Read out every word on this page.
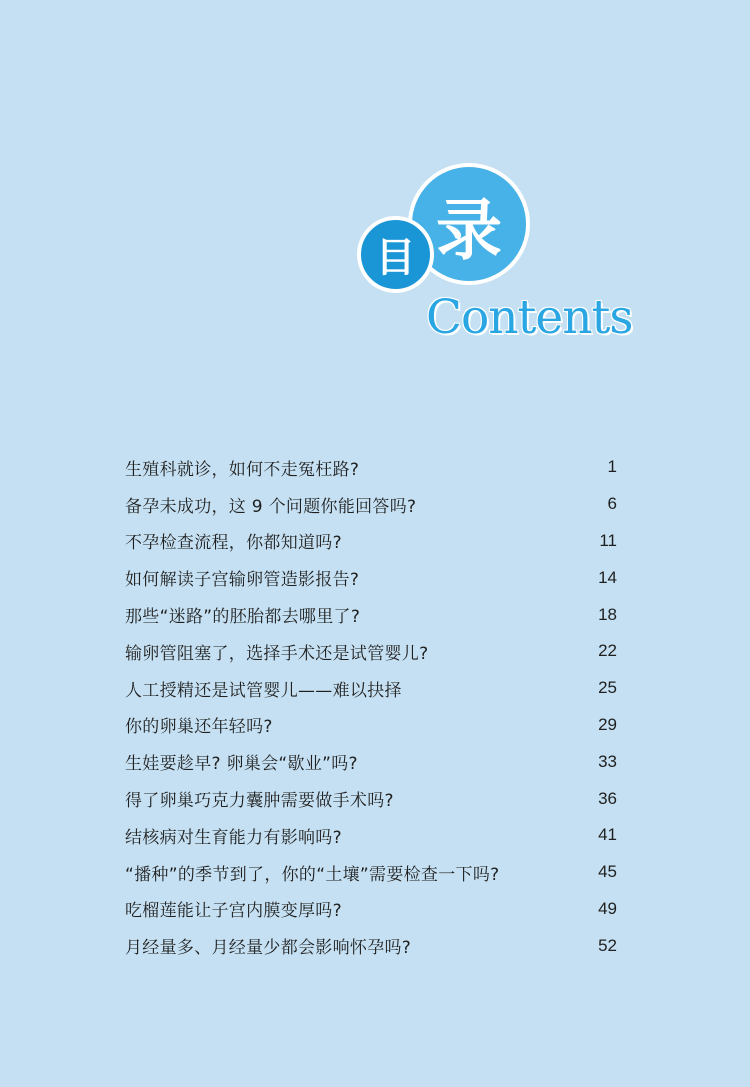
录
目
Contents
生殖科就诊，如何不走冤枉路?	1
备孕未成功，这 9 个问题你能回答吗?	6
不孕检查流程，你都知道吗?	11
如何解读子宫输卵管造影报告?	14
那些“迷路”的胚胎都去哪里了?	18
输卵管阻塞了，选择手术还是试管婴儿?	22
人工授精还是试管婴儿——难以抉择	25
你的卵巢还年轻吗?	29
生娃要趁早? 卵巢会“歇业”吗?	33
得了卵巢巧克力囊肿需要做手术吗?	36
结核病对生育能力有影响吗?	41
“播种”的季节到了，你的“土壤”需要检查一下吗?	45
吃榴莲能让子宫内膜变厚吗?	49
月经量多、月经量少都会影响怀孕吗?	52
